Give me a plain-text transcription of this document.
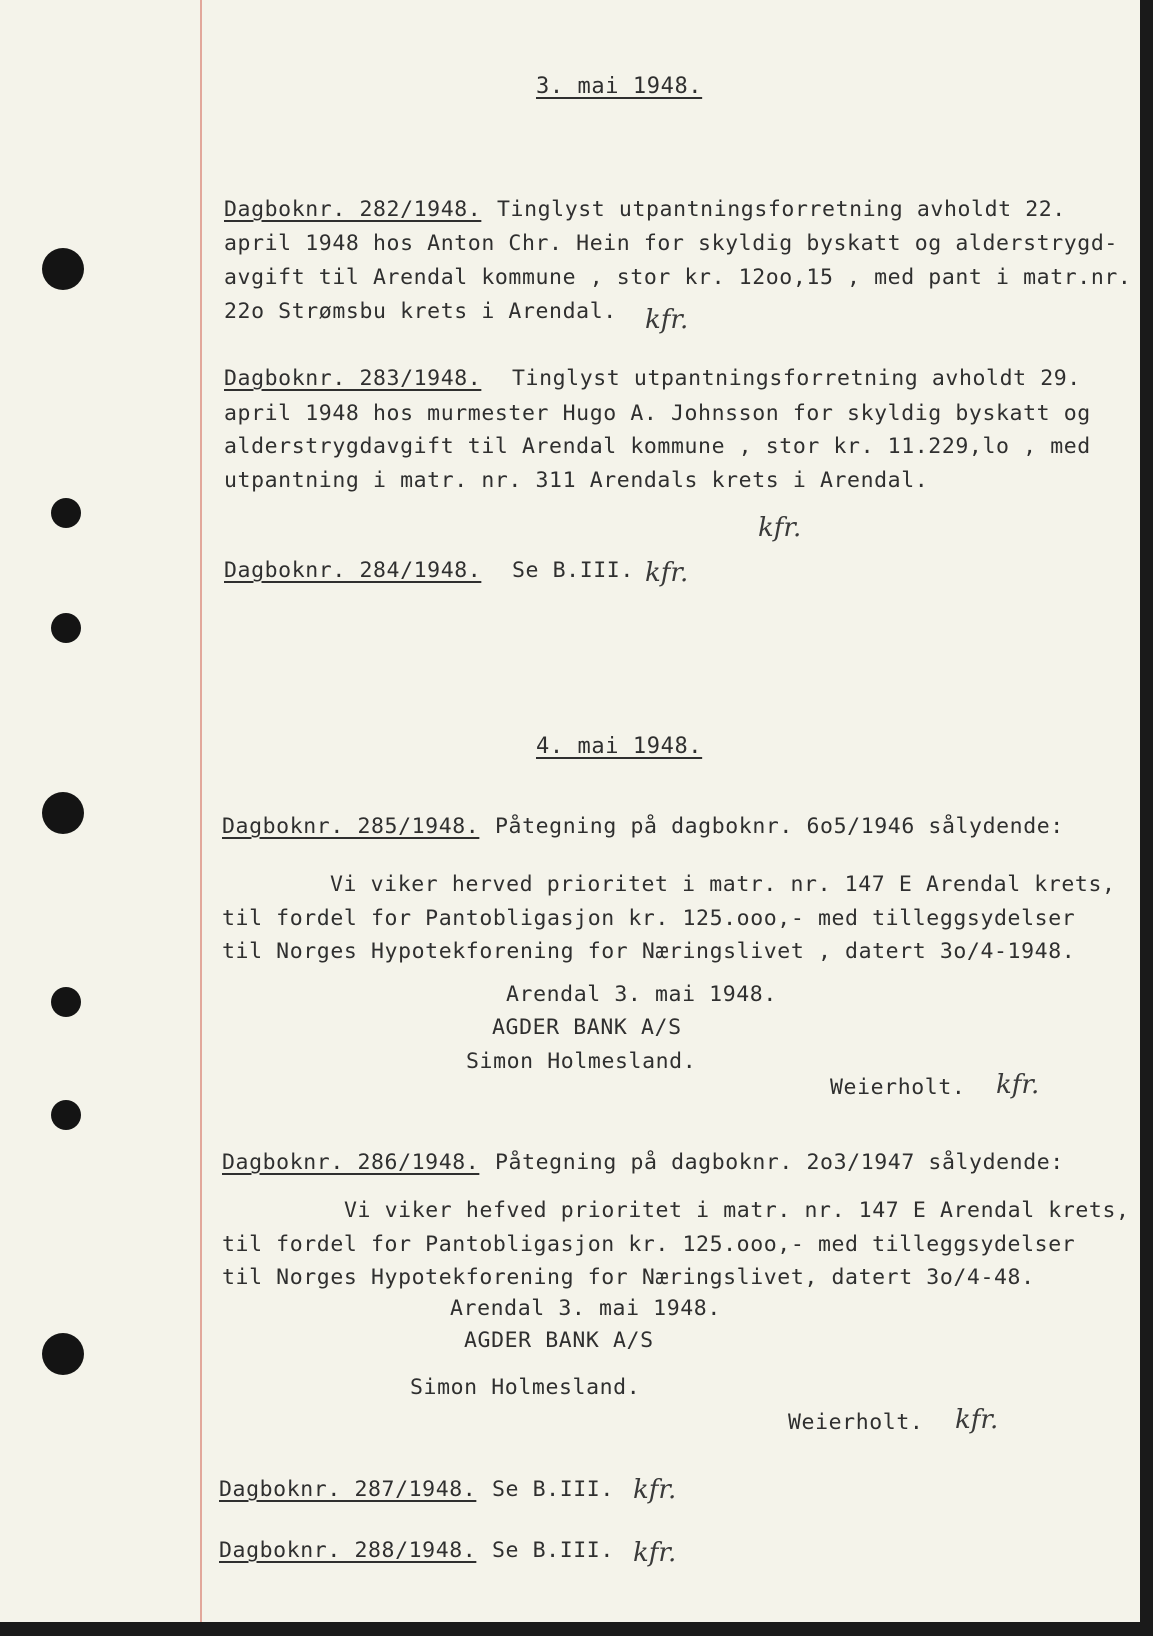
3. mai 1948.
Dagboknr. 282/1948. Tinglyst utpantningsforretning avholdt 22.
april 1948 hos Anton Chr. Hein for skyldig byskatt og alderstrygd-
avgift til Arendal kommune , stor kr. 12oo,15 , med pant i matr.nr.
22o Strømsbu krets i Arendal. kfr.
Dagboknr. 283/1948. Tinglyst utpantningsforretning avholdt 29.
april 1948 hos murmester Hugo A. Johnsson for skyldig byskatt og
alderstrygdavgift til Arendal kommune , stor kr. 11.229,lo , med
utpantning i matr. nr. 311 Arendals krets i Arendal.
kfr.
Dagboknr. 284/1948. Se B.III. kfr.
4. mai 1948.
Dagboknr. 285/1948. Påtegning på dagboknr. 6o5/1946 sålydende:
Vi viker herved prioritet i matr. nr. 147 E Arendal krets,
til fordel for Pantobligasjon kr. 125.ooo,- med tilleggsydelser
til Norges Hypotekforening for Næringslivet , datert 3o/4-1948.
Arendal 3. mai 1948.
AGDER BANK A/S
Simon Holmesland.
Weierholt. kfr.
Dagboknr. 286/1948. Påtegning på dagboknr. 2o3/1947 sålydende:
Vi viker hefved prioritet i matr. nr. 147 E Arendal krets,
til fordel for Pantobligasjon kr. 125.ooo,- med tilleggsydelser
til Norges Hypotekforening for Næringslivet, datert 3o/4-48.
Arendal 3. mai 1948.
AGDER BANK A/S
Simon Holmesland.
Weierholt. kfr.
Dagboknr. 287/1948. Se B.III. kfr.
Dagboknr. 288/1948. Se B.III. kfr.
